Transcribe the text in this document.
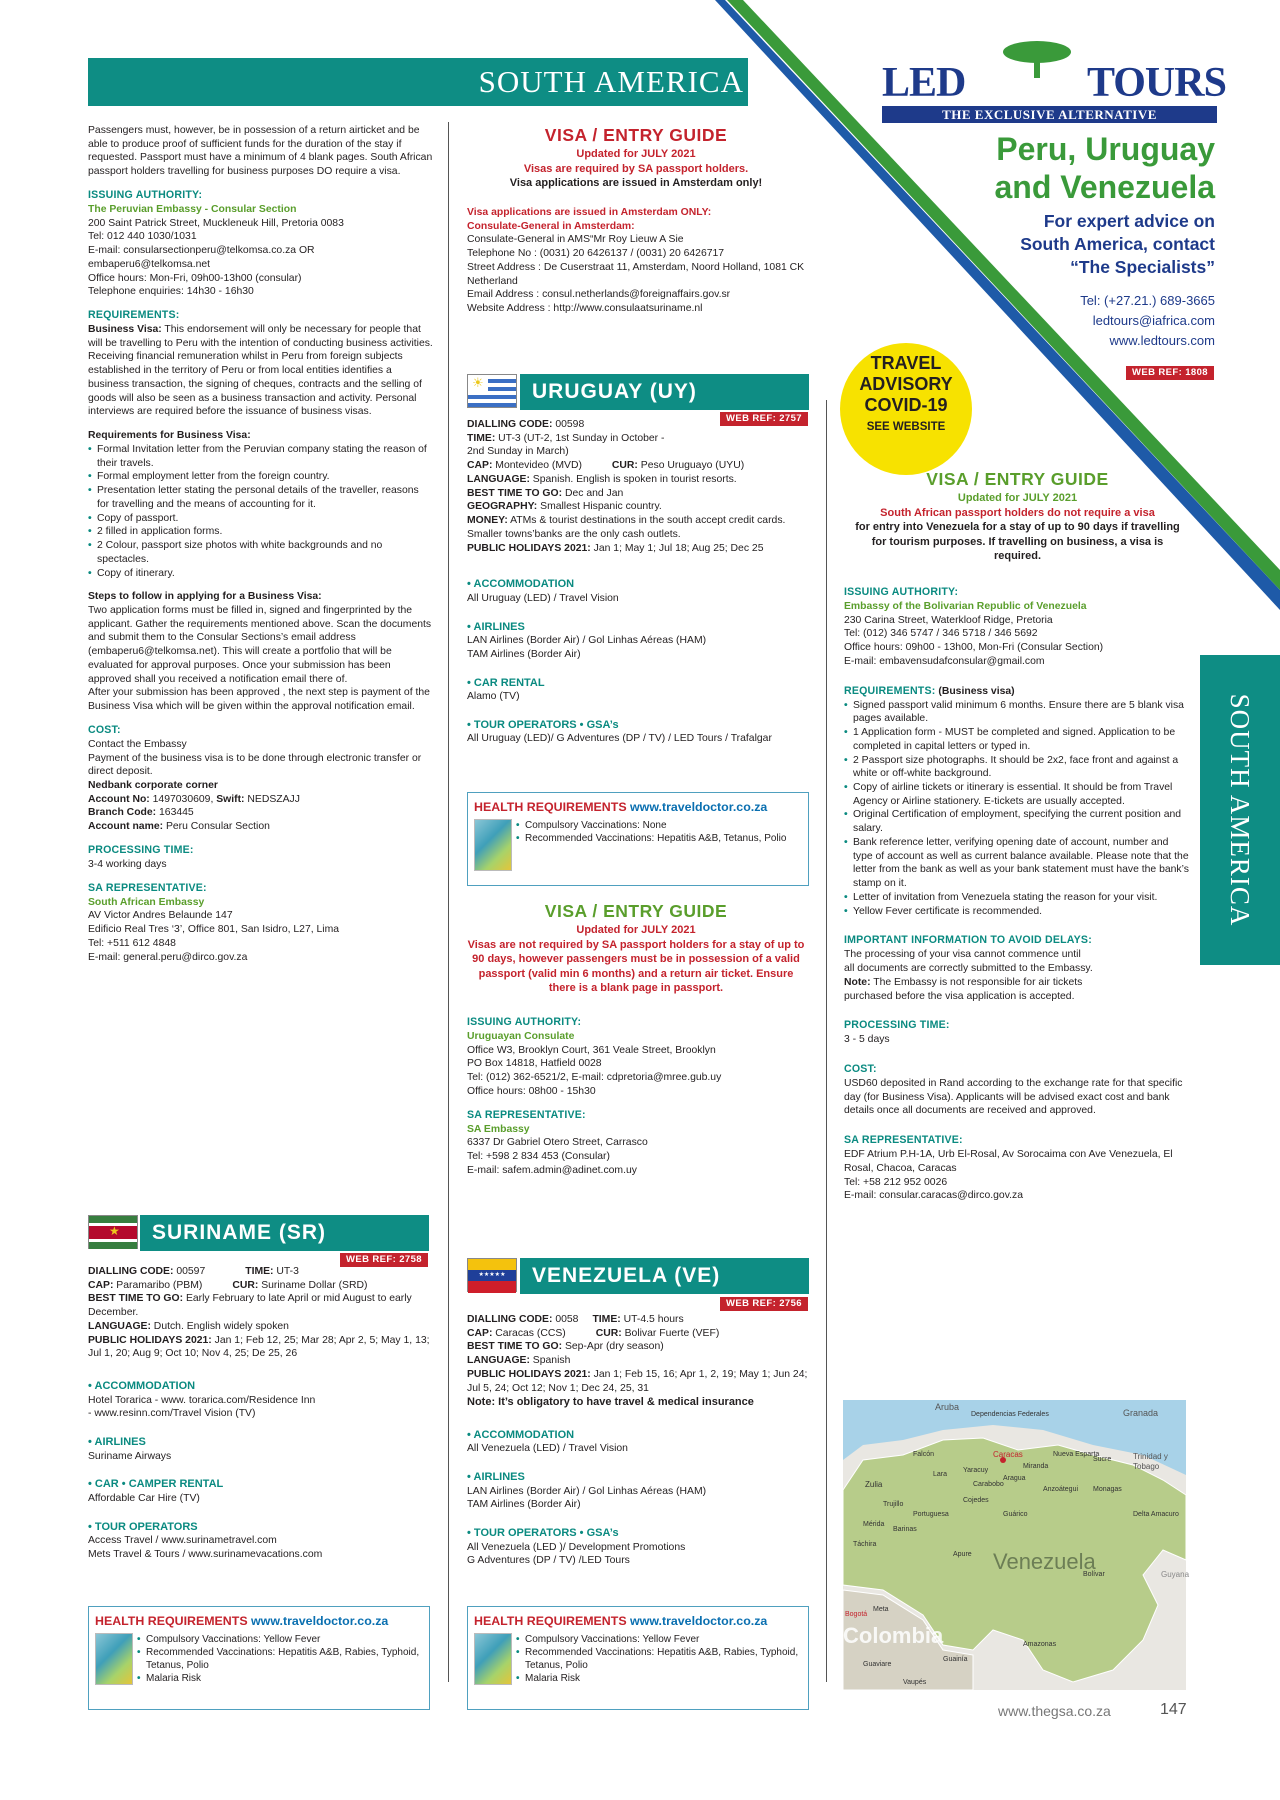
SOUTH AMERICA
SOUTH AMERICA
LED	TOURS
THE EXCLUSIVE ALTERNATIVE
Peru, Uruguay
and Venezuela
For expert advice on
South America, contact
“The Specialists”
Tel: (+27.21.) 689-3665
ledtours@iafrica.com
www.ledtours.com
WEB REF: 1808
TRAVEL
ADVISORY
COVID-19
SEE WEBSITE

Passengers must, however, be in possession of a return airticket and be able to produce proof of sufficient funds for the duration of the stay if requested. Passport must have a minimum of 4 blank pages. South African passport holders travelling for business purposes DO require a visa.

ISSUING AUTHORITY:
The Peruvian Embassy - Consular Section
200 Saint Patrick Street, Muckleneuk Hill, Pretoria 0083
Tel: 012 440 1030/1031
E-mail: consularsectionperu@telkomsa.co.za OR
embaperu6@telkomsa.net
Office hours: Mon-Fri, 09h00-13h00 (consular)
Telephone enquiries: 14h30 - 16h30
REQUIREMENTS:

Business Visa: This endorsement will only be necessary for people that will be travelling to Peru with the intention of conducting business activities. Receiving financial remuneration whilst in Peru from foreign subjects established in the territory of Peru or from local entities identifies a business transaction, the signing of cheques, contracts and the selling of goods will also be seen as a business transaction and activity. Personal interviews are required before the issuance of business visas.

Requirements for Business Visa:
• Formal Invitation letter from the Peruvian company stating the reason of their travels.
• Formal employment letter from the foreign country.
• Presentation letter stating the personal details of the traveller, reasons for travelling and the means of accounting for it.
• Copy of passport.
• 2 filled in application forms.
• 2 Colour, passport size photos with white backgrounds and no spectacles.
• Copy of itinerary.
Steps to follow in applying for a Business Visa:

Two application forms must be filled in, signed and fingerprinted by the applicant. Gather the requirements mentioned above. Scan the documents and submit them to the Consular Sections’s email address (embaperu6@telkomsa.net). This will create a portfolio that will be evaluated for approval purposes. Once your submission has been approved shall you received a notification email there of.

After your submission has been approved , the next step is payment of the Business Visa which will be given within the approval notification email.

COST:
Contact the Embassy
Payment of the business visa is to be done through electronic transfer or direct deposit.
Nedbank corporate corner
Account No: 1497030609, Swift: NEDSZAJJ
Branch Code: 163445
Account name: Peru Consular Section
PROCESSING TIME:
3-4 working days
SA REPRESENTATIVE:
South African Embassy
AV Victor Andres Belaunde 147
Edificio Real Tres ‘3’, Office 801, San Isidro, L27, Lima
Tel: +511 612 4848
E-mail: general.peru@dirco.gov.za
★	SURINAME (SR)
WEB REF: 2758
DIALLING CODE: 00597	TIME: UT-3
CAP: Paramaribo (PBM)	CUR: Suriname Dollar (SRD)
BEST TIME TO GO: Early February to late April or mid August to early December.
LANGUAGE: Dutch. English widely spoken
PUBLIC HOLIDAYS 2021: Jan 1; Feb 12, 25; Mar 28; Apr 2, 5; May 1, 13; Jul 1, 20; Aug 9; Oct 10; Nov 4, 25; De 25, 26
• ACCOMMODATION
Hotel Torarica - www. torarica.com/Residence Inn
- www.resinn.com/Travel Vision (TV)
• AIRLINES
Suriname Airways
• CAR • CAMPER RENTAL
Affordable Car Hire (TV)
• TOUR OPERATORS
Access Travel / www.surinametravel.com
Mets Travel & Tours / www.surinamevacations.com
HEALTH REQUIREMENTS www.traveldoctor.co.za
• Compulsory Vaccinations: Yellow Fever
• Recommended Vaccinations: Hepatitis A&B, Rabies, Typhoid, Tetanus, Polio
• Malaria Risk
VISA / ENTRY GUIDE
Updated for JULY 2021
Visas are required by SA passport holders.
Visa applications are issued in Amsterdam only!
Visa applications are issued in Amsterdam ONLY:
Consulate-General in Amsterdam:
Consulate-General in AMS“Mr Roy Lieuw A Sie
Telephone No : (0031) 20 6426137 / (0031) 20 6426717
Street Address : De Cuserstraat 11, Amsterdam, Noord Holland, 1081 CK Netherland
Email Address : consul.netherlands@foreignaffairs.gov.sr
Website Address : http://www.consulaatsuriname.nl
☀	URUGUAY (UY)
WEB REF: 2757
DIALLING CODE: 00598
TIME: UT-3 (UT-2, 1st Sunday in October - 2nd Sunday in March)
CAP: Montevideo (MVD)	CUR: Peso Uruguayo (UYU)
LANGUAGE: Spanish. English is spoken in tourist resorts.
BEST TIME TO GO: Dec and Jan
GEOGRAPHY: Smallest Hispanic country.
MONEY: ATMs & tourist destinations in the south accept credit cards. Smaller towns’banks are the only cash outlets.
PUBLIC HOLIDAYS 2021: Jan 1; May 1; Jul 18; Aug 25; Dec 25
• ACCOMMODATION
All Uruguay (LED) / Travel Vision
• AIRLINES
LAN Airlines (Border Air) / Gol Linhas Aéreas (HAM)
TAM Airlines (Border Air)
• CAR RENTAL
Alamo (TV)
• TOUR OPERATORS • GSA’s
All Uruguay (LED)/ G Adventures (DP / TV) / LED Tours / Trafalgar
HEALTH REQUIREMENTS www.traveldoctor.co.za
• Compulsory Vaccinations: None
• Recommended Vaccinations: Hepatitis A&B, Tetanus, Polio
VISA / ENTRY GUIDE
Updated for JULY 2021
Visas are not required by SA passport holders for a stay of up to 90 days, however passengers must be in possession of a valid passport (valid min 6 months) and a return air ticket. Ensure there is a blank page in passport.
ISSUING AUTHORITY:
Uruguayan Consulate
Office W3, Brooklyn Court, 361 Veale Street, Brooklyn
PO Box 14818, Hatfield 0028
Tel: (012) 362-6521/2, E-mail: cdpretoria@mree.gub.uy
Office hours: 08h00 - 15h30
SA REPRESENTATIVE:
SA Embassy
6337 Dr Gabriel Otero Street, Carrasco
Tel: +598 2 834 453 (Consular)
E-mail: safem.admin@adinet.com.uy
★★★★★	VENEZUELA (VE)
WEB REF: 2756
DIALLING CODE: 0058 TIME: UT-4.5 hours
CAP: Caracas (CCS)	CUR: Bolivar Fuerte (VEF)
BEST TIME TO GO: Sep-Apr (dry season)
LANGUAGE: Spanish
PUBLIC HOLIDAYS 2021: Jan 1; Feb 15, 16; Apr 1, 2, 19; May 1; Jun 24; Jul 5, 24; Oct 12; Nov 1; Dec 24, 25, 31
Note: It’s obligatory to have travel & medical insurance
• ACCOMMODATION
All Venezuela (LED) / Travel Vision
• AIRLINES
LAN Airlines (Border Air) / Gol Linhas Aéreas (HAM)
TAM Airlines (Border Air)
• TOUR OPERATORS • GSA’s
All Venezuela (LED )/ Development Promotions
G Adventures (DP / TV) /LED Tours
HEALTH REQUIREMENTS www.traveldoctor.co.za
• Compulsory Vaccinations: Yellow Fever
• Recommended Vaccinations: Hepatitis A&B, Rabies, Typhoid, Tetanus, Polio
• Malaria Risk
VISA / ENTRY GUIDE
Updated for JULY 2021
South African passport holders do not require a visa
for entry into Venezuela for a stay of up to 90 days if travelling for tourism purposes. If travelling on business, a visa is required.
ISSUING AUTHORITY:
Embassy of the Bolivarian Republic of Venezuela
230 Carina Street, Waterkloof Ridge, Pretoria
Tel: (012) 346 5747 / 346 5718 / 346 5692
Office hours: 09h00 - 13h00, Mon-Fri (Consular Section)
E-mail: embavensudafconsular@gmail.com
REQUIREMENTS: (Business visa)
• Signed passport valid minimum 6 months. Ensure there are 5 blank visa pages available.
• 1 Application form - MUST be completed and signed. Application to be completed in capital letters or typed in.
• 2 Passport size photographs. It should be 2x2, face front and against a white or off-white background.
• Copy of airline tickets or itinerary is essential. It should be from Travel Agency or Airline stationery. E-tickets are usually accepted.
• Original Certification of employment, specifying the current position and salary.
• Bank reference letter, verifying opening date of account, number and type of account as well as current balance available. Please note that the letter from the bank as well as your bank statement must have the bank’s stamp on it.
• Letter of invitation from Venezuela stating the reason for your visit.
• Yellow Fever certificate is recommended.
IMPORTANT INFORMATION TO AVOID DELAYS:

The processing of your visa cannot commence until all documents are correctly submitted to the Embassy.

Note: The Embassy is not responsible for air tickets purchased before the visa application is accepted.

PROCESSING TIME:
3 - 5 days
COST:

USD60 deposited in Rand according to the exchange rate for that specific day (for Business Visa). Applicants will be advised exact cost and bank details once all documents are received and approved.

SA REPRESENTATIVE:
EDF Atrium P.H-1A, Urb El-Rosal, Av Sorocaima con Ave Venezuela, El Rosal, Chacoa, Caracas
Tel: +58 212 952 0026
E-mail: consular.caracas@dirco.gov.za
Aruba
Dependencias Federales	Granada
Nueva Esparta	Trinidad y Tobago
Caracas
Zulia
Lara
Falcón
Yaracuy
Carabobo
Aragua
Miranda
Sucre
Monagas
Anzoátegui
Cojedes
Trujillo
Portuguesa
Barinas
Guárico	Delta Amacuro
Mérida
Táchira
Apure
Bolívar
Amazonas
Guyana
Colombia
Venezuela
Bogotá
Meta
Guainía
Guaviare
Vaupés
www.thegsa.co.za	147
